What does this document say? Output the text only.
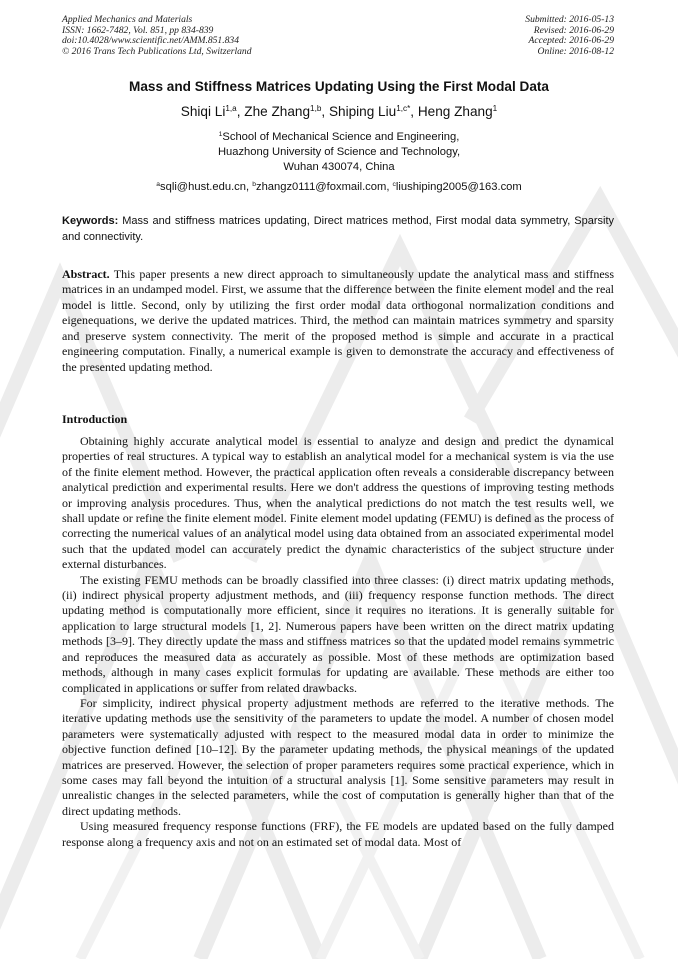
Applied Mechanics and Materials
ISSN: 1662-7482, Vol. 851, pp 834-839
doi:10.4028/www.scientific.net/AMM.851.834
© 2016 Trans Tech Publications Ltd, Switzerland
Submitted: 2016-05-13
Revised: 2016-06-29
Accepted: 2016-06-29
Online: 2016-08-12
Mass and Stiffness Matrices Updating Using the First Modal Data
Shiqi Li$^{1,a}$, Zhe Zhang$^{1,b}$, Shiping Liu$^{1,c*}$, Heng Zhang$^1$
$^1$School of Mechanical Science and Engineering,
Huazhong University of Science and Technology,
Wuhan 430074, China
$^a$sqli@hust.edu.cn, $^b$zhangz0111@foxmail.com, $^c$liushiping2005@163.com

Keywords: Mass and stiffness matrices updating, Direct matrices method, First modal data symmetry, Sparsity and connectivity.

Abstract. This paper presents a new direct approach to simultaneously update the analytical mass and stiffness matrices in an undamped model. First, we assume that the difference between the finite element model and the real model is little. Second, only by utilizing the first order modal data orthogonal normalization conditions and eigenequations, we derive the updated matrices. Third, the method can maintain matrices symmetry and sparsity and preserve system connectivity. The merit of the proposed method is simple and accurate in a practical engineering computation. Finally, a numerical example is given to demonstrate the accuracy and effectiveness of the presented updating method.

Introduction

Obtaining highly accurate analytical model is essential to analyze and design and predict the dynamical properties of real structures. A typical way to establish an analytical model for a mechanical system is via the use of the finite element method. However, the practical application often reveals a considerable discrepancy between analytical prediction and experimental results. Here we don't address the questions of improving testing methods or improving analysis procedures. Thus, when the analytical predictions do not match the test results well, we shall update or refine the finite element model. Finite element model updating (FEMU) is defined as the process of correcting the numerical values of an analytical model using data obtained from an associated experimental model such that the updated model can accurately predict the dynamic characteristics of the subject structure under external disturbances.

The existing FEMU methods can be broadly classified into three classes: (i) direct matrix updating methods, (ii) indirect physical property adjustment methods, and (iii) frequency response function methods. The direct updating method is computationally more efficient, since it requires no iterations. It is generally suitable for application to large structural models [1, 2]. Numerous papers have been written on the direct matrix updating methods [3–9]. They directly update the mass and stiffness matrices so that the updated model remains symmetric and reproduces the measured data as accurately as possible. Most of these methods are optimization based methods, although in many cases explicit formulas for updating are available. These methods are either too complicated in applications or suffer from related drawbacks.

For simplicity, indirect physical property adjustment methods are referred to the iterative methods. The iterative updating methods use the sensitivity of the parameters to update the model. A number of chosen model parameters were systematically adjusted with respect to the measured modal data in order to minimize the objective function defined [10–12]. By the parameter updating methods, the physical meanings of the updated matrices are preserved. However, the selection of proper parameters requires some practical experience, which in some cases may fall beyond the intuition of a structural analysis [1]. Some sensitive parameters may result in unrealistic changes in the selected parameters, while the cost of computation is generally higher than that of the direct updating methods.

Using measured frequency response functions (FRF), the FE models are updated based on the fully damped response along a frequency axis and not on an estimated set of modal data. Most of
